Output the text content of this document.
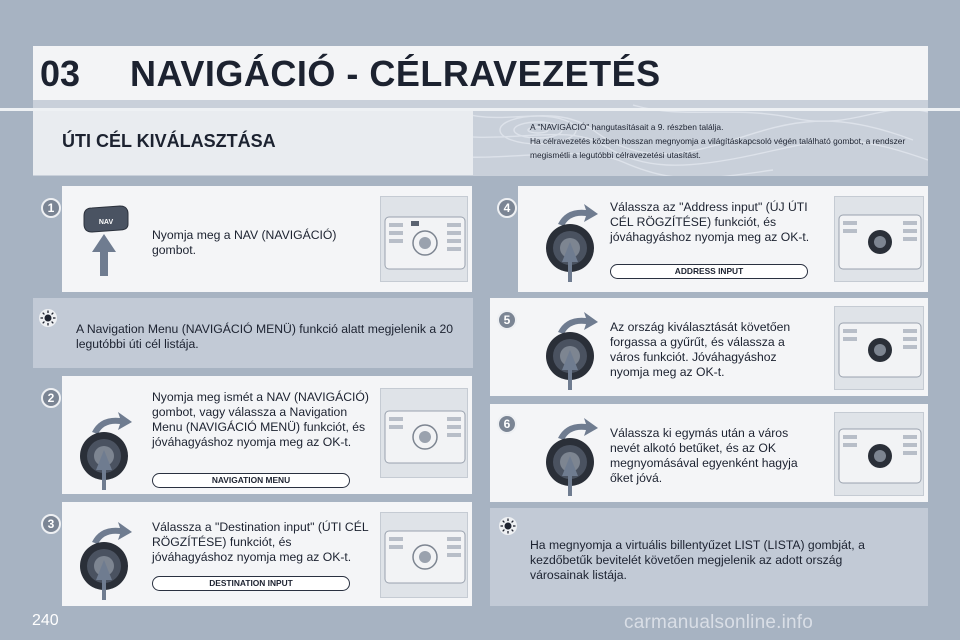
03 NAVIGÁCIÓ - CÉLRAVEZETÉS
ÚTI CÉL KIVÁLASZTÁSA
A "NAVIGÁCIÓ" hangutasításait a 9. részben találja.
Ha célravezetés közben hosszan megnyomja a világításkapcsoló végén található gombot, a rendszer megismétli a legutóbbi célravezetési utasítást.
NAV
Nyomja meg a NAV (NAVIGÁCIÓ) gombot.
1
A Navigation Menu (NAVIGÁCIÓ MENÜ) funkció alatt megjelenik a 20 legutóbbi úti cél listája.
Nyomja meg ismét a NAV (NAVIGÁCIÓ) gombot, vagy válassza a Navigation Menu (NAVIGÁCIÓ MENÜ) funkciót, és jóváhagyáshoz nyomja meg az OK-t.
NAVIGATION MENU
2
Válassza a "Destination input" (ÚTI CÉL RÖGZÍTÉSE) funkciót, és jóváhagyáshoz nyomja meg az OK-t.
DESTINATION INPUT
3
Válassza az "Address input" (ÚJ ÚTI CÉL RÖGZÍTÉSE) funkciót, és jóváhagyáshoz nyomja meg az OK-t.
ADDRESS INPUT
4
Az ország kiválasztását követően forgassa a gyűrűt, és válassza a város funkciót. Jóváhagyáshoz nyomja meg az OK-t.
5
Válassza ki egymás után a város nevét alkotó betűket, és az OK megnyomásával egyenként hagyja őket jóvá.
6
Ha megnyomja a virtuális billentyűzet LIST (LISTA) gombját, a kezdőbetűk bevitelét követően megjelenik az adott ország városainak listája.
240	carmanualsonline.info
